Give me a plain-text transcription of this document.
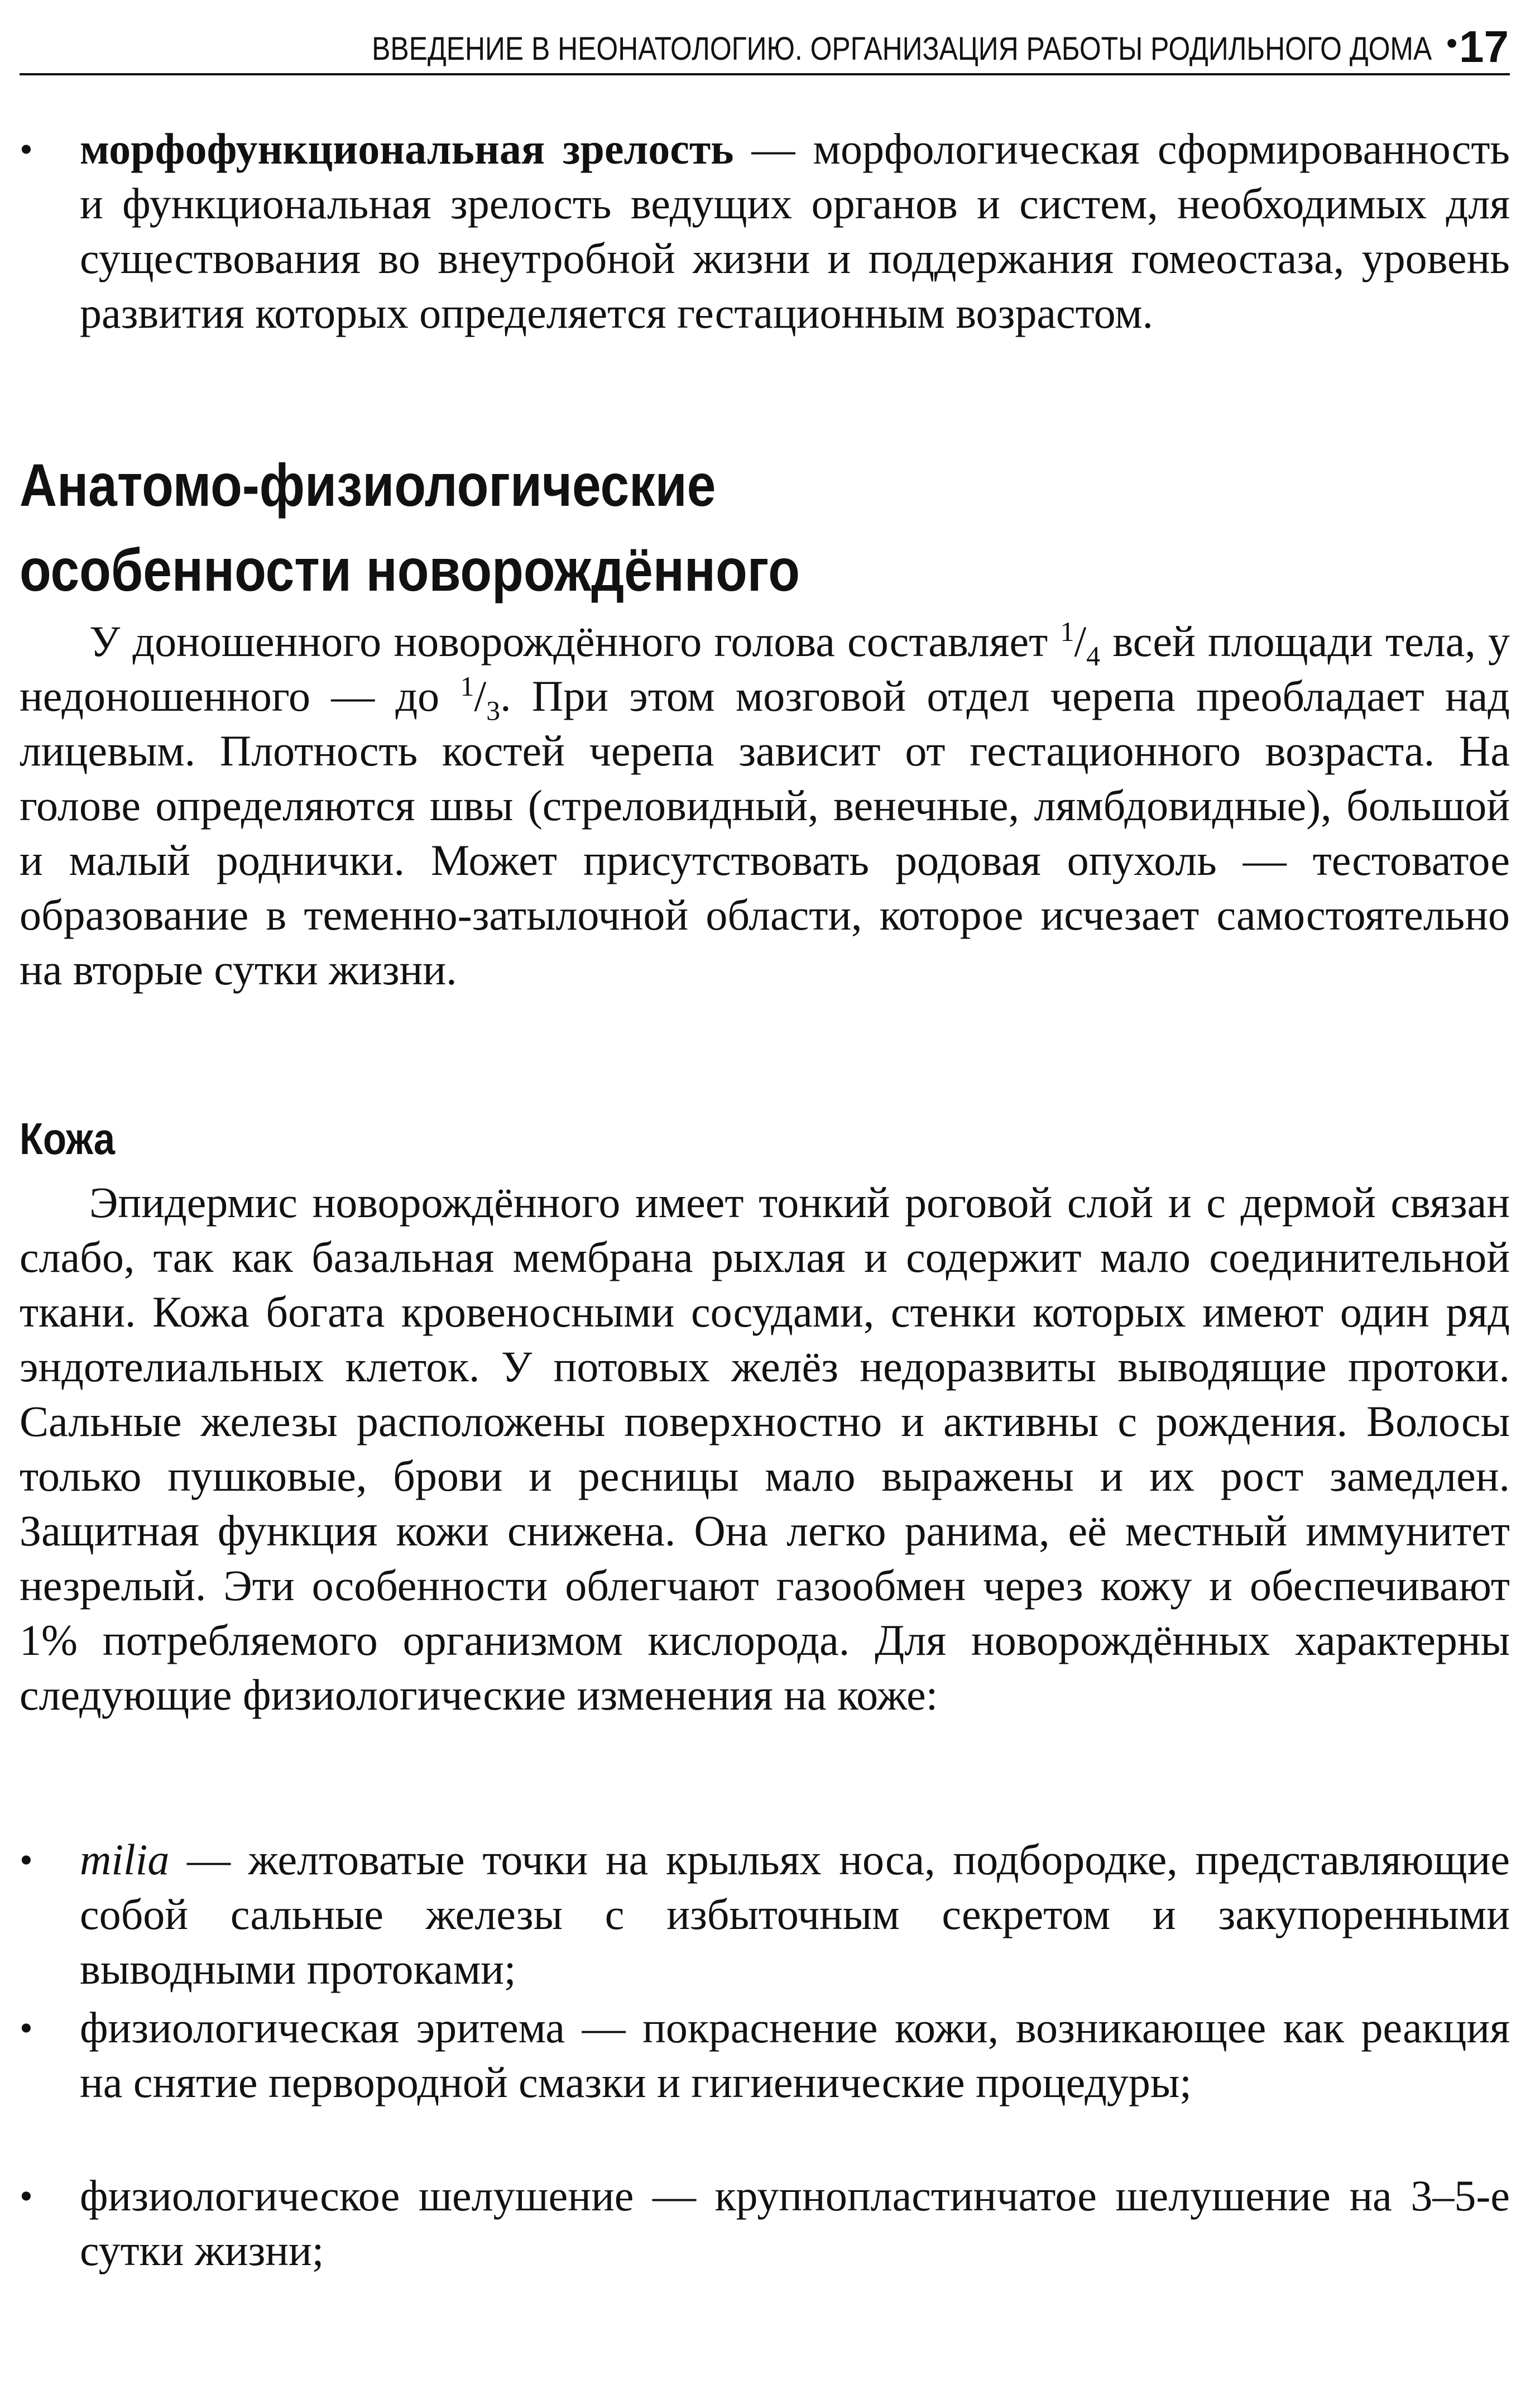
ВВЕДЕНИЕ В НЕОНАТОЛОГИЮ. ОРГАНИЗАЦИЯ РАБОТЫ РОДИЛЬНОГО ДОМА •
17
• морфофункциональная зрелость — морфологическая сформированность и функциональная зрелость ведущих органов и систем, необходимых для существования во внеутробной жизни и поддержания гомеостаза, уровень развития которых определяется гестационным возрастом.
Анатомо-физиологические
особенности новорождённого
У доношенного новорождённого голова составляет $^1/_4$ всей площади тела, у недоношенного — до $^1/_3$. При этом мозговой отдел черепа преобладает над лицевым. Плотность костей черепа зависит от гестационного возраста. На голове определяются швы (стреловидный, венечные, лямбдовидные), большой и малый роднички. Может присутствовать родовая опухоль — тестоватое образование в теменно-затылочной области, которое исчезает самостоятельно на вторые сутки жизни.
Кожа
Эпидермис новорождённого имеет тонкий роговой слой и с дермой связан слабо, так как базальная мембрана рыхлая и содержит мало соединительной ткани. Кожа богата кровеносными сосудами, стенки которых имеют один ряд эндотелиальных клеток. У потовых желёз недоразвиты выводящие протоки. Сальные железы расположены поверхностно и активны с рождения. Волосы только пушковые, брови и ресницы мало выражены и их рост замедлен. Защитная функция кожи снижена. Она легко ранима, её местный иммунитет незрелый. Эти особенности облегчают газообмен через кожу и обеспечивают 1% потребляемого организмом кислорода. Для новорождённых характерны следующие физиологические изменения на коже:
• milia — желтоватые точки на крыльях носа, подбородке, представляющие собой сальные железы с избыточным секретом и закупоренными выводными протоками;
• физиологическая эритема — покраснение кожи, возникающее как реакция на снятие первородной смазки и гигиенические процедуры;
• физиологическое шелушение — крупнопластинчатое шелушение на 3–5-е сутки жизни;
